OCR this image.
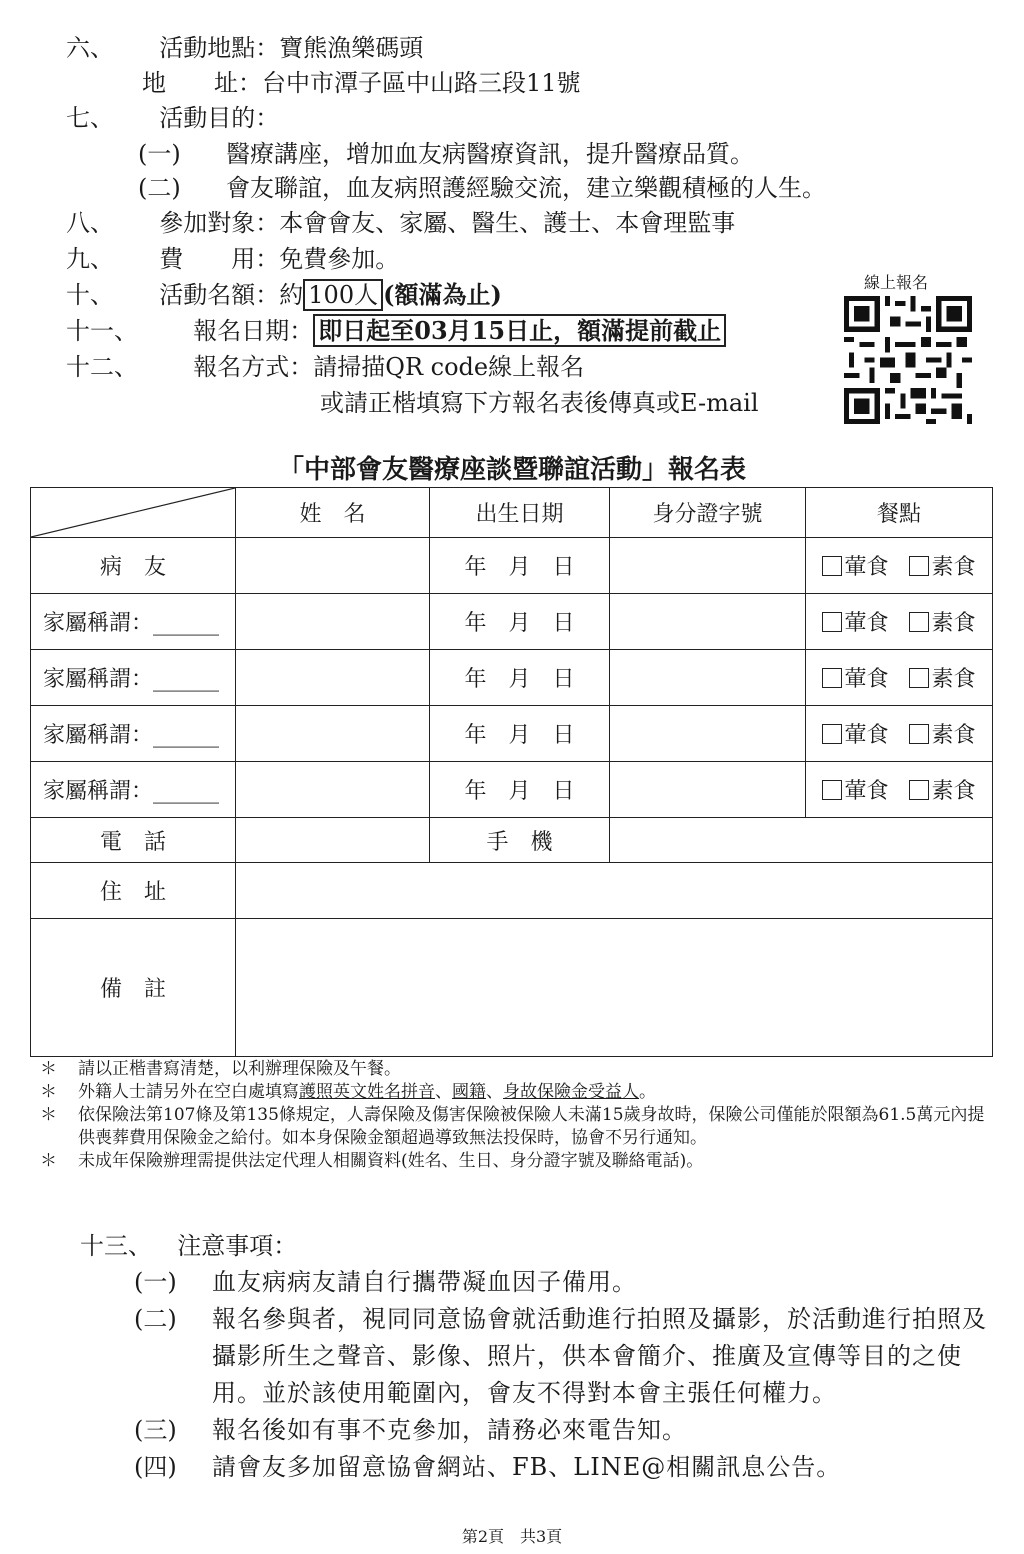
六、 活動地點：寶熊漁樂碼頭
地　　址：台中市潭子區中山路三段11號
七、 活動目的：
(一) 醫療講座，增加血友病醫療資訊，提升醫療品質。
(二) 會友聯誼，血友病照護經驗交流，建立樂觀積極的人生。
八、 參加對象：本會會友、家屬、醫生、護士、本會理監事
九、 費　　用：免費參加。
十、 活動名額：約 100人 (額滿為止)
十一、 報名日期： 即日起至03月15日止，額滿提前截止
十二、 報名方式：請掃描QR code線上報名
或請正楷填寫下方報名表後傳真或E-mail
線上報名
「中部會友醫療座談暨聯誼活動」報名表
	姓　名	出生日期	身分證字號	餐點
病　友		年　月　日		葷食 素食
家屬稱謂：______		年　月　日		葷食 素食
家屬稱謂：______		年　月　日		葷食 素食
家屬稱謂：______		年　月　日		葷食 素食
家屬稱謂：______		年　月　日		葷食 素食
電　話		手　機		
住　址				
備　註				
＊	請以正楷書寫清楚，以利辦理保險及午餐。
＊	外籍人士請另外在空白處填寫護照英文姓名拼音、國籍、身故保險金受益人。
＊	依保險法第107條及第135條規定，人壽保險及傷害保險被保險人未滿15歲身故時，保險公司僅能於限額為61.5萬元內提供喪葬費用保險金之給付。如本身保險金額超過導致無法投保時，協會不另行通知。
＊	未成年保險辦理需提供法定代理人相關資料(姓名、生日、身分證字號及聯絡電話)。
十三、 注意事項：
(一)	血友病病友請自行攜帶凝血因子備用。
(二)	報名參與者，視同同意協會就活動進行拍照及攝影，於活動進行拍照及攝影所生之聲音、影像、照片，供本會簡介、推廣及宣傳等目的之使用。並於該使用範圍內，會友不得對本會主張任何權力。
(三)	報名後如有事不克參加，請務必來電告知。
(四)	請會友多加留意協會網站、FB、LINE@相關訊息公告。
第2頁　共3頁
